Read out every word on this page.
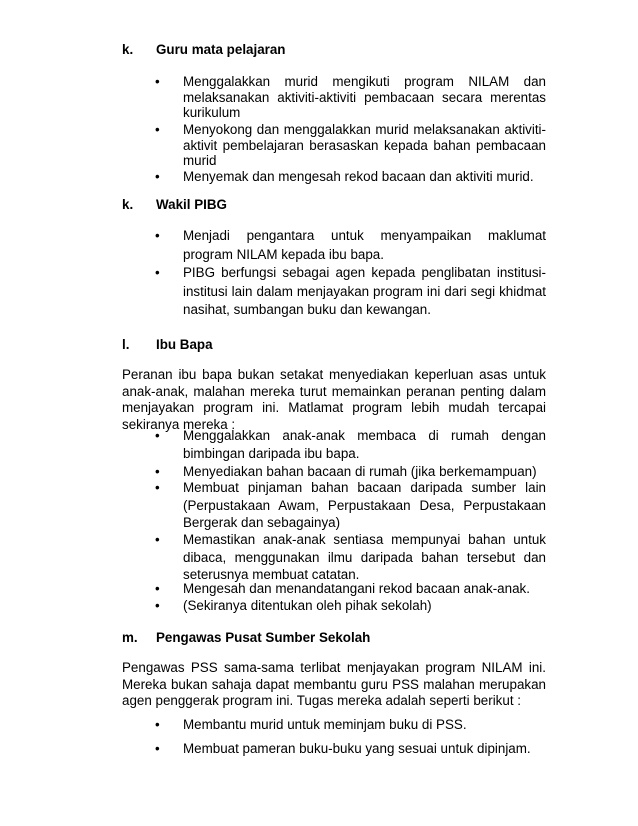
k. Guru mata pelajaran
• Menggalakkan murid mengikuti program NILAM dan melaksanakan aktiviti-aktiviti pembacaan secara merentas kurikulum
• Menyokong dan menggalakkan murid melaksanakan aktiviti-aktivit pembelajaran berasaskan kepada bahan pembacaan murid
• Menyemak dan mengesah rekod bacaan dan aktiviti murid.
k. Wakil PIBG
• Menjadi pengantara untuk menyampaikan maklumat program NILAM kepada ibu bapa.
• PIBG berfungsi sebagai agen kepada penglibatan institusi-institusi lain dalam menjayakan program ini dari segi khidmat nasihat, sumbangan buku dan kewangan.
l. Ibu Bapa
Peranan ibu bapa bukan setakat menyediakan keperluan asas untuk anak-anak, malahan mereka turut memainkan peranan penting dalam menjayakan program ini. Matlamat program lebih mudah tercapai sekiranya mereka :
• Menggalakkan anak-anak membaca di rumah dengan bimbingan daripada ibu bapa.
• Menyediakan bahan bacaan di rumah (jika berkemampuan)
• Membuat pinjaman bahan bacaan daripada sumber lain (Perpustakaan Awam, Perpustakaan Desa, Perpustakaan Bergerak dan sebagainya)
• Memastikan anak-anak sentiasa mempunyai bahan untuk dibaca, menggunakan ilmu daripada bahan tersebut dan seterusnya membuat catatan.
• Mengesah dan menandatangani rekod bacaan anak-anak.
• (Sekiranya ditentukan oleh pihak sekolah)
m. Pengawas Pusat Sumber Sekolah
Pengawas PSS sama-sama terlibat menjayakan program NILAM ini. Mereka bukan sahaja dapat membantu guru PSS malahan merupakan agen penggerak program ini. Tugas mereka adalah seperti berikut :
• Membantu murid untuk meminjam buku di PSS.
• Membuat pameran buku-buku yang sesuai untuk dipinjam.
